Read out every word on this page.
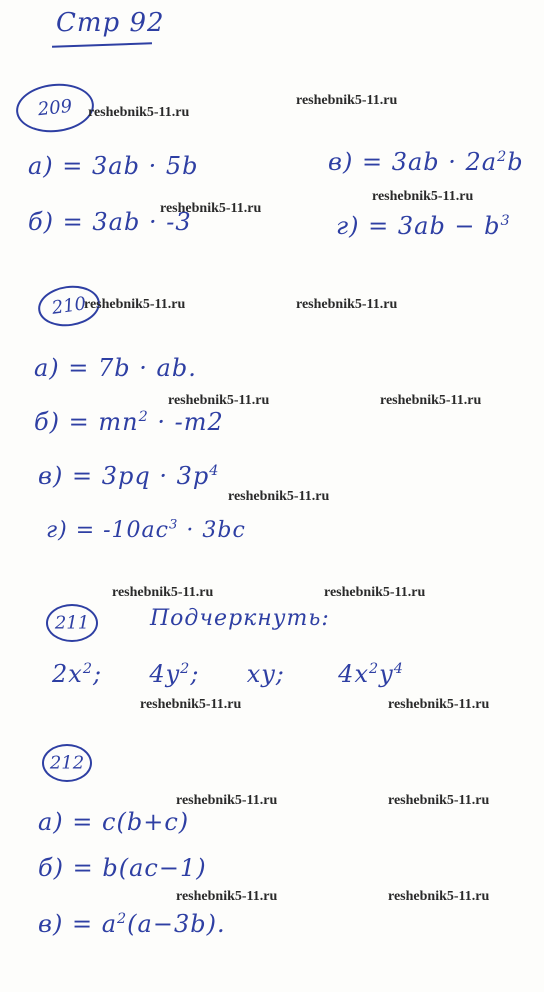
Стр 92
209	reshebnik5-11.ru
reshebnik5-11.ru
а) = 3ab · 5b	$в) = 3ab \cdot 2a^2b$
reshebnik5-11.ru
reshebnik5-11.ru
б) = 3ab · -3	$г) = 3ab - b^3$
210
reshebnik5-11.ru	reshebnik5-11.ru
а) = 7b · ab.
reshebnik5-11.ru	reshebnik5-11.ru
$б) = mn^2 \cdot -m2$
$в) = 3pq \cdot 3p^4$
reshebnik5-11.ru
$г) = -10ac^3 \cdot 3bc$
reshebnik5-11.ru	reshebnik5-11.ru
211	Подчеркнуть:
$2x^2$; $4y^2$; xy; $4x^2y^4$
reshebnik5-11.ru	reshebnik5-11.ru
212
reshebnik5-11.ru	reshebnik5-11.ru
а) = c(b+c)
б) = b(ac−1)
reshebnik5-11.ru	reshebnik5-11.ru
$в) = a^2(a-3b)$.
